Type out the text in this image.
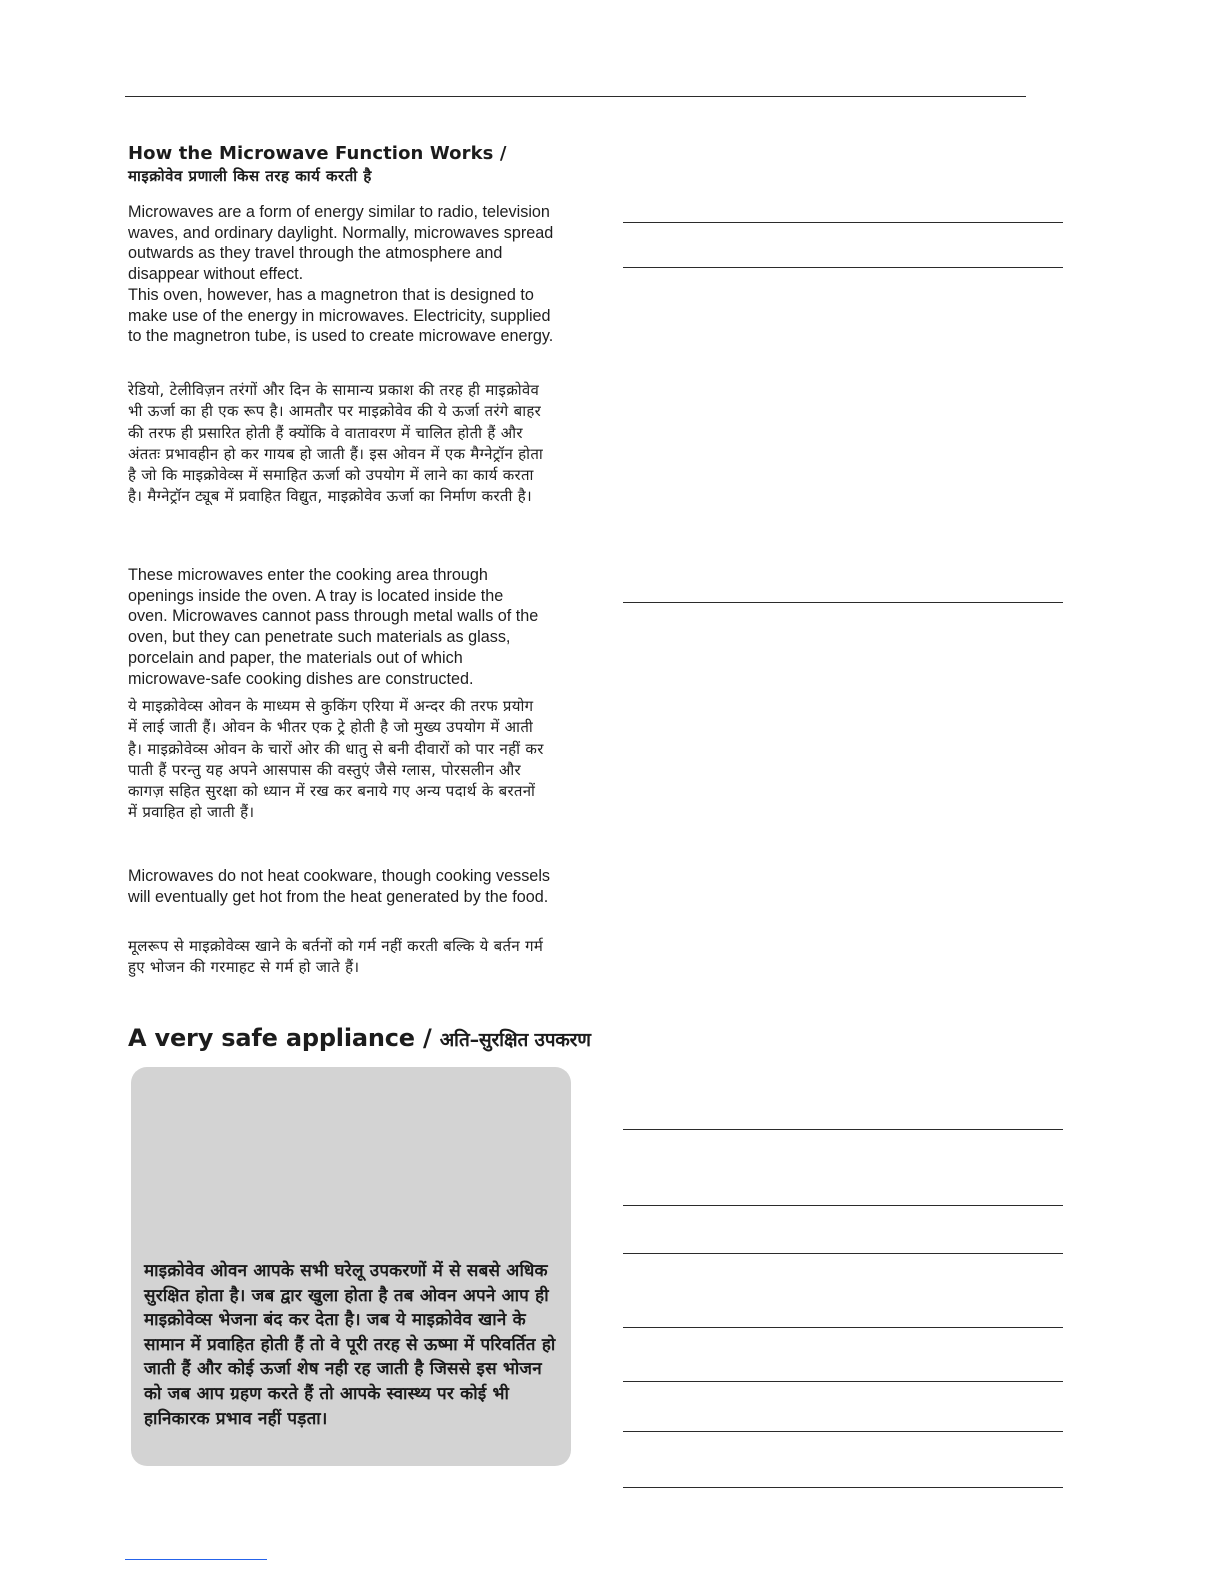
How the Microwave Function Works /
माइक्रोवेव प्रणाली किस तरह कार्य करती है

Microwaves are a form of energy similar to radio, television waves, and ordinary daylight. Normally, microwaves spread outwards as they travel through the atmosphere and disappear without effect.

This oven, however, has a magnetron that is designed to make use of the energy in microwaves. Electricity, supplied to the magnetron tube, is used to create microwave energy.

रेडियो, टेलीविज़न तरंगों और दिन के सामान्य प्रकाश की तरह ही माइक्रोवेव भी ऊर्जा का ही एक रूप है। आमतौर पर माइक्रोवेव की ये ऊर्जा तरंगे बाहर की तरफ ही प्रसारित होती हैं क्योंकि वे वातावरण में चालित होती हैं और अंततः प्रभावहीन हो कर गायब हो जाती हैं। इस ओवन में एक मैग्नेट्रॉन होता है जो कि माइक्रोवेव्स में समाहित ऊर्जा को उपयोग में लाने का कार्य करता है। मैग्नेट्रॉन ट्यूब में प्रवाहित विद्युत, माइक्रोवेव ऊर्जा का निर्माण करती है।

These microwaves enter the cooking area through openings inside the oven. A tray is located inside the oven. Microwaves cannot pass through metal walls of the oven, but they can penetrate such materials as glass, porcelain and paper, the materials out of which microwave-safe cooking dishes are constructed.

ये माइक्रोवेव्स ओवन के माध्यम से कुकिंग एरिया में अन्दर की तरफ प्रयोग में लाई जाती हैं। ओवन के भीतर एक ट्रे होती है जो मुख्य उपयोग में आती है। माइक्रोवेव्स ओवन के चारों ओर की धातु से बनी दीवारों को पार नहीं कर पाती हैं परन्तु यह अपने आसपास की वस्तुएं जैसे ग्लास, पोरसलीन और कागज़ सहित सुरक्षा को ध्यान में रख कर बनाये गए अन्य पदार्थ के बरतनों में प्रवाहित हो जाती हैं।

Microwaves do not heat cookware, though cooking vessels will eventually get hot from the heat generated by the food.

मूलरूप से माइक्रोवेव्स खाने के बर्तनों को गर्म नहीं करती बल्कि ये बर्तन गर्म हुए भोजन की गरमाहट से गर्म हो जाते हैं।

A very safe appliance / अति–सुरक्षित उपकरण

माइक्रोवेव ओवन आपके सभी घरेलू उपकरणों में से सबसे अधिक सुरक्षित होता है। जब द्वार खुला होता है तब ओवन अपने आप ही माइक्रोवेव्स भेजना बंद कर देता है। जब ये माइक्रोवेव खाने के सामान में प्रवाहित होती हैं तो वे पूरी तरह से ऊष्मा में परिवर्तित हो जाती हैं और कोई ऊर्जा शेष नही रह जाती है जिससे इस भोजन को जब आप ग्रहण करते हैं तो आपके स्वास्थ्य पर कोई भी हानिकारक प्रभाव नहीं पड़ता।
